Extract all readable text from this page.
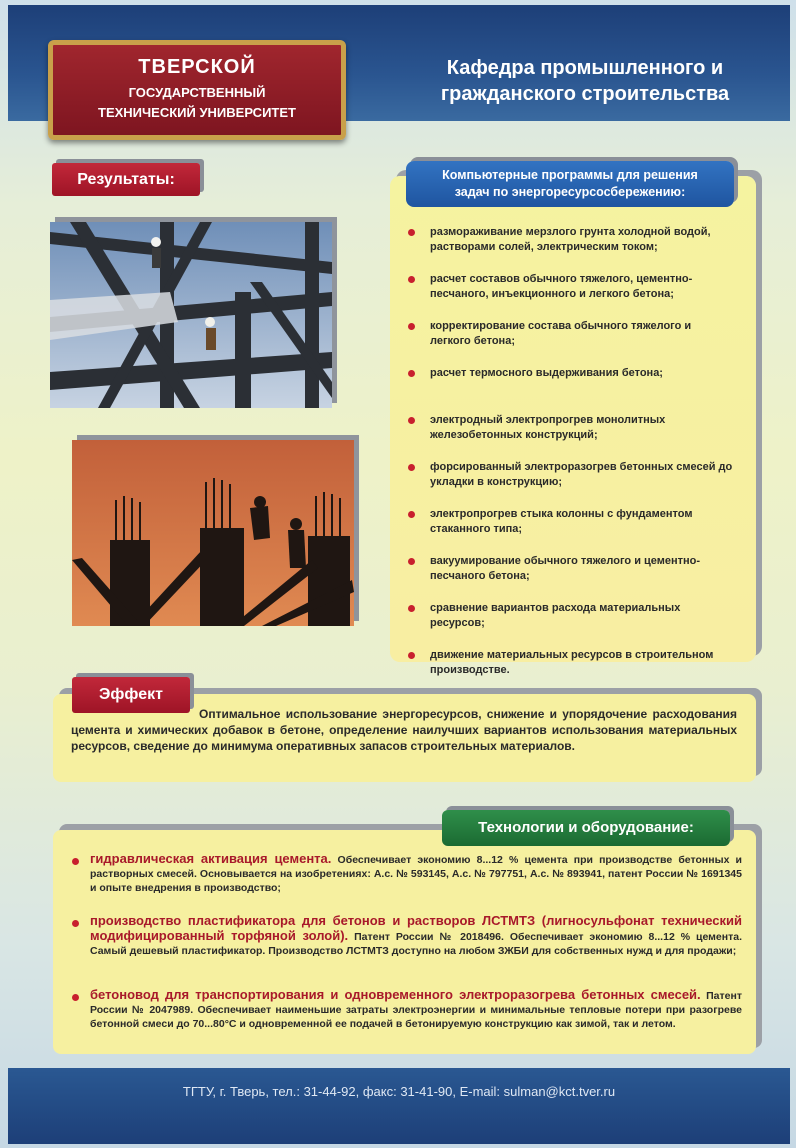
ТВЕРСКОЙ
ГОСУДАРСТВЕННЫЙ
ТЕХНИЧЕСКИЙ УНИВЕРСИТЕТ
Кафедра промышленного и
гражданского строительства
Результаты:	Компьютерные программы для решения
задач по энергоресурсосбережению:
размораживание мерзлого грунта холодной водой, растворами солей, электрическим током;
расчет составов обычного тяжелого, цементно-песчаного, инъекционного и легкого бетона;
корректирование состава обычного тяжелого и легкого бетона;
расчет термосного выдерживания бетона;
электродный электропрогрев монолитных железобетонных конструкций;
форсированный электроразогрев бетонных смесей до укладки в конструкцию;
электропрогрев стыка колонны с фундаментом стаканного типа;
вакуумирование обычного тяжелого и цементно-песчаного бетона;
сравнение вариантов расхода материальных ресурсов;
движение материальных ресурсов в строительном производстве.
Эффект
Оптимальное использование энергоресурсов, снижение и упорядочение расходования цемента и химических добавок в бетоне, определение наилучших вариантов использования материальных ресурсов, сведение до минимума оперативных запасов строительных материалов.
Технологии и оборудование:
гидравлическая активация цемента. Обеспечивает экономию 8...12 % цемента при производстве бетонных и растворных смесей. Основывается на изобретениях: А.с. № 593145, А.с. № 797751, А.с. № 893941, патент России № 1691345 и опыте внедрения в производство;
производство пластификатора для бетонов и растворов ЛСТМТЗ (лигносульфонат технический модифицированный торфяной золой). Патент России № 2018496. Обеспечивает экономию 8...12 % цемента. Самый дешевый пластификатор. Производство ЛСТМТЗ доступно на любом ЗЖБИ для собственных нужд и для продажи;
бетоновод для транспортирования и одновременного электроразогрева бетонных смесей. Патент России № 2047989. Обеспечивает наименьшие затраты электроэнергии и минимальные тепловые потери при разогреве бетонной смеси до 70...80°С и одновременной ее подачей в бетонируемую конструкцию как зимой, так и летом.
ТГТУ, г. Тверь, тел.: 31-44-92, факс: 31-41-90, E-mail: sulman@kct.tver.ru
